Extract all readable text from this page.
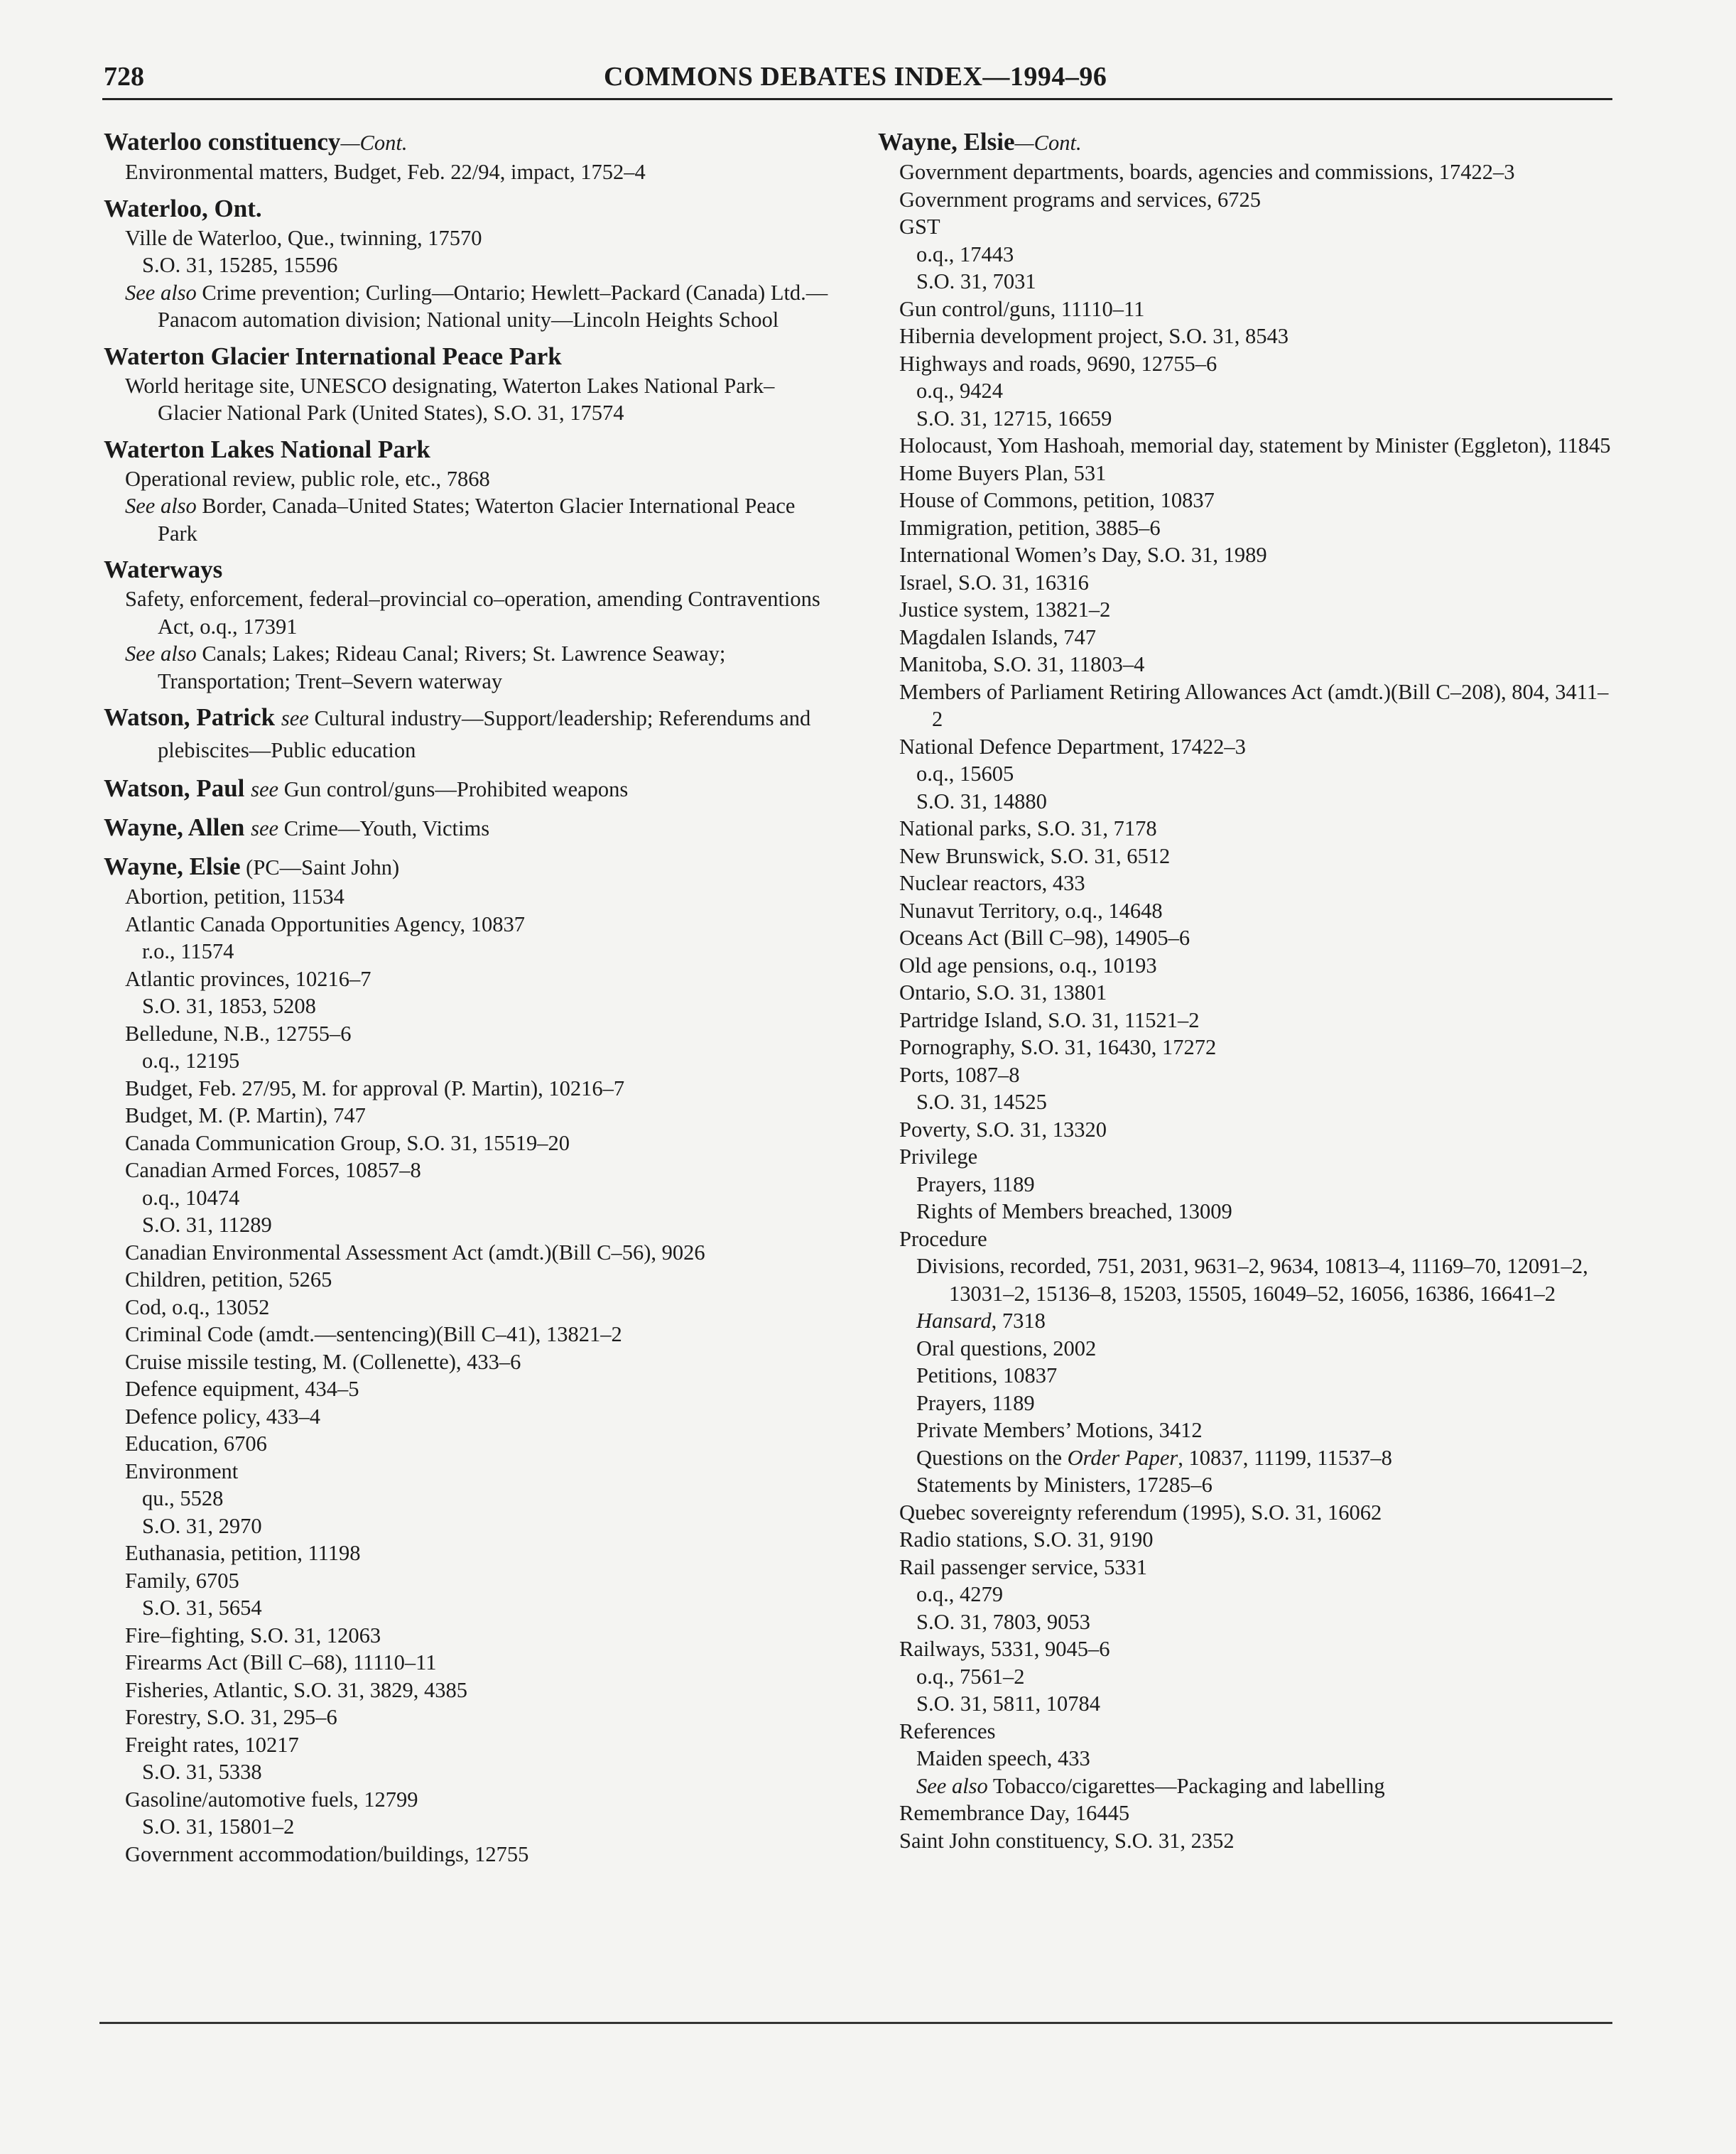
728	COMMONS DEBATES INDEX—1994–96
Waterloo constituency—Cont.
Environmental matters, Budget, Feb. 22/94, impact, 1752–4
Waterloo, Ont.
Ville de Waterloo, Que., twinning, 17570
S.O. 31, 15285, 15596
See also Crime prevention; Curling—Ontario; Hewlett–Packard (Canada) Ltd.—Panacom automation division; National unity—Lincoln Heights School
Waterton Glacier International Peace Park
World heritage site, UNESCO designating, Waterton Lakes National Park–Glacier National Park (United States), S.O. 31, 17574
Waterton Lakes National Park
Operational review, public role, etc., 7868
See also Border, Canada–United States; Waterton Glacier International Peace Park
Waterways
Safety, enforcement, federal–provincial co–operation, amending Contraventions Act, o.q., 17391
See also Canals; Lakes; Rideau Canal; Rivers; St. Lawrence Seaway; Transportation; Trent–Severn waterway
Watson, Patrick see Cultural industry—Support/leadership; Referendums and plebiscites—Public education
Watson, Paul see Gun control/guns—Prohibited weapons
Wayne, Allen see Crime—Youth, Victims
Wayne, Elsie (PC—Saint John)
Abortion, petition, 11534
Atlantic Canada Opportunities Agency, 10837
r.o., 11574
Atlantic provinces, 10216–7
S.O. 31, 1853, 5208
Belledune, N.B., 12755–6
o.q., 12195
Budget, Feb. 27/95, M. for approval (P. Martin), 10216–7
Budget, M. (P. Martin), 747
Canada Communication Group, S.O. 31, 15519–20
Canadian Armed Forces, 10857–8
o.q., 10474
S.O. 31, 11289
Canadian Environmental Assessment Act (amdt.)(Bill C–56), 9026
Children, petition, 5265
Cod, o.q., 13052
Criminal Code (amdt.—sentencing)(Bill C–41), 13821–2
Cruise missile testing, M. (Collenette), 433–6
Defence equipment, 434–5
Defence policy, 433–4
Education, 6706
Environment
qu., 5528
S.O. 31, 2970
Euthanasia, petition, 11198
Family, 6705
S.O. 31, 5654
Fire–fighting, S.O. 31, 12063
Firearms Act (Bill C–68), 11110–11
Fisheries, Atlantic, S.O. 31, 3829, 4385
Forestry, S.O. 31, 295–6
Freight rates, 10217
S.O. 31, 5338
Gasoline/automotive fuels, 12799
S.O. 31, 15801–2
Government accommodation/buildings, 12755
Wayne, Elsie—Cont.
Government departments, boards, agencies and commissions, 17422–3
Government programs and services, 6725
GST
o.q., 17443
S.O. 31, 7031
Gun control/guns, 11110–11
Hibernia development project, S.O. 31, 8543
Highways and roads, 9690, 12755–6
o.q., 9424
S.O. 31, 12715, 16659
Holocaust, Yom Hashoah, memorial day, statement by Minister (Eggleton), 11845
Home Buyers Plan, 531
House of Commons, petition, 10837
Immigration, petition, 3885–6
International Women’s Day, S.O. 31, 1989
Israel, S.O. 31, 16316
Justice system, 13821–2
Magdalen Islands, 747
Manitoba, S.O. 31, 11803–4
Members of Parliament Retiring Allowances Act (amdt.)(Bill C–208), 804, 3411–2
National Defence Department, 17422–3
o.q., 15605
S.O. 31, 14880
National parks, S.O. 31, 7178
New Brunswick, S.O. 31, 6512
Nuclear reactors, 433
Nunavut Territory, o.q., 14648
Oceans Act (Bill C–98), 14905–6
Old age pensions, o.q., 10193
Ontario, S.O. 31, 13801
Partridge Island, S.O. 31, 11521–2
Pornography, S.O. 31, 16430, 17272
Ports, 1087–8
S.O. 31, 14525
Poverty, S.O. 31, 13320
Privilege
Prayers, 1189
Rights of Members breached, 13009
Procedure
Divisions, recorded, 751, 2031, 9631–2, 9634, 10813–4, 11169–70, 12091–2, 13031–2, 15136–8, 15203, 15505, 16049–52, 16056, 16386, 16641–2
Hansard, 7318
Oral questions, 2002
Petitions, 10837
Prayers, 1189
Private Members’ Motions, 3412
Questions on the Order Paper, 10837, 11199, 11537–8
Statements by Ministers, 17285–6
Quebec sovereignty referendum (1995), S.O. 31, 16062
Radio stations, S.O. 31, 9190
Rail passenger service, 5331
o.q., 4279
S.O. 31, 7803, 9053
Railways, 5331, 9045–6
o.q., 7561–2
S.O. 31, 5811, 10784
References
Maiden speech, 433
See also Tobacco/cigarettes—Packaging and labelling
Remembrance Day, 16445
Saint John constituency, S.O. 31, 2352
